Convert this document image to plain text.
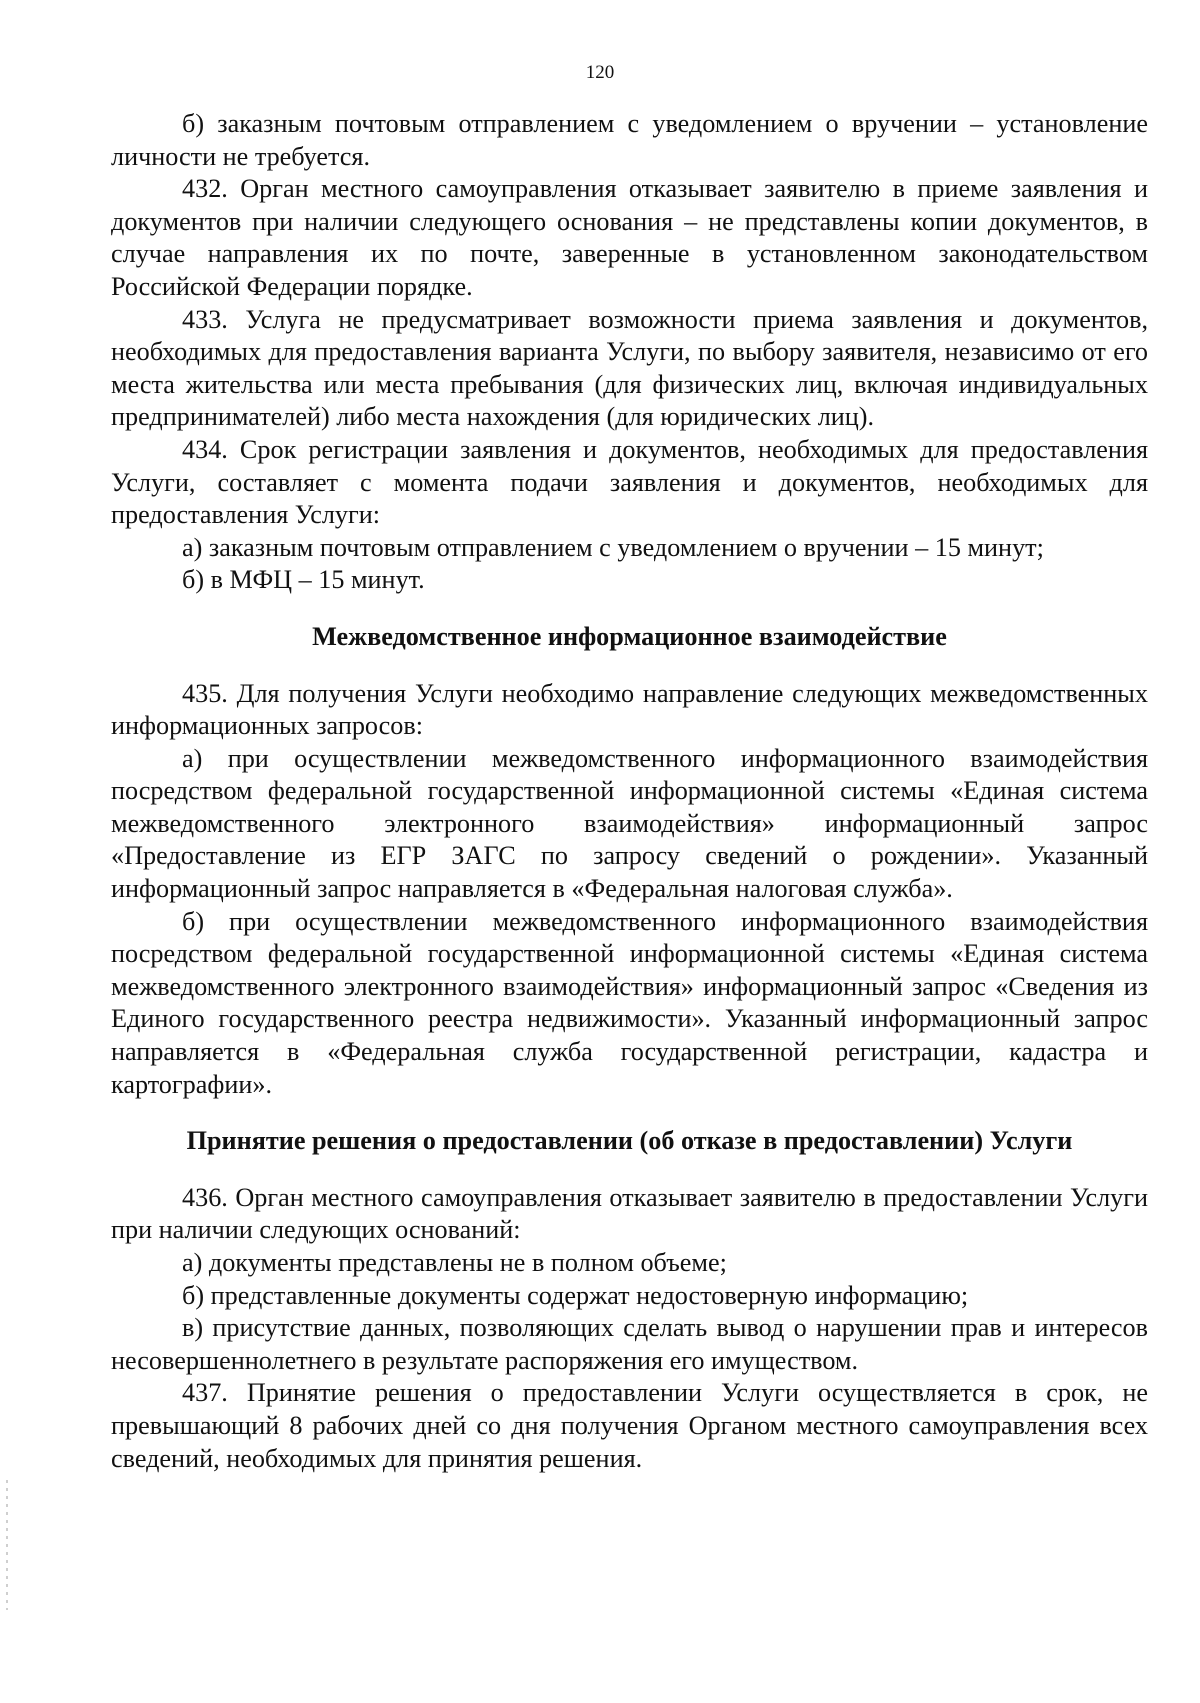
120

б) заказным почтовым отправлением с уведомлением о вручении – установление личности не требуется.

432. Орган местного самоуправления отказывает заявителю в приеме заявления и документов при наличии следующего основания – не представлены копии документов, в случае направления их по почте, заверенные в установленном законодательством Российской Федерации порядке.

433. Услуга не предусматривает возможности приема заявления и документов, необходимых для предоставления варианта Услуги, по выбору заявителя, независимо от его места жительства или места пребывания (для физических лиц, включая индивидуальных предпринимателей) либо места нахождения (для юридических лиц).

434. Срок регистрации заявления и документов, необходимых для предоставления Услуги, составляет с момента подачи заявления и документов, необходимых для предоставления Услуги:

а) заказным почтовым отправлением с уведомлением о вручении – 15 минут;

б) в МФЦ – 15 минут.

Межведомственное информационное взаимодействие

435. Для получения Услуги необходимо направление следующих межведомственных информационных запросов:

а) при осуществлении межведомственного информационного взаимодействия посредством федеральной государственной информационной системы «Единая система межведомственного электронного взаимодействия» информационный запрос «Предоставление из ЕГР ЗАГС по запросу сведений о рождении». Указанный информационный запрос направляется в «Федеральная налоговая служба».

б) при осуществлении межведомственного информационного взаимодействия посредством федеральной государственной информационной системы «Единая система межведомственного электронного взаимодействия» информационный запрос «Сведения из Единого государственного реестра недвижимости». Указанный информационный запрос направляется в «Федеральная служба государственной регистрации, кадастра и картографии».

Принятие решения о предоставлении (об отказе в предоставлении) Услуги

436. Орган местного самоуправления отказывает заявителю в предоставлении Услуги при наличии следующих оснований:

а) документы представлены не в полном объеме;

б) представленные документы содержат недостоверную информацию;

в) присутствие данных, позволяющих сделать вывод о нарушении прав и интересов несовершеннолетнего в результате распоряжения его имуществом.

437. Принятие решения о предоставлении Услуги осуществляется в срок, не превышающий 8 рабочих дней со дня получения Органом местного самоуправления всех сведений, необходимых для принятия решения.
